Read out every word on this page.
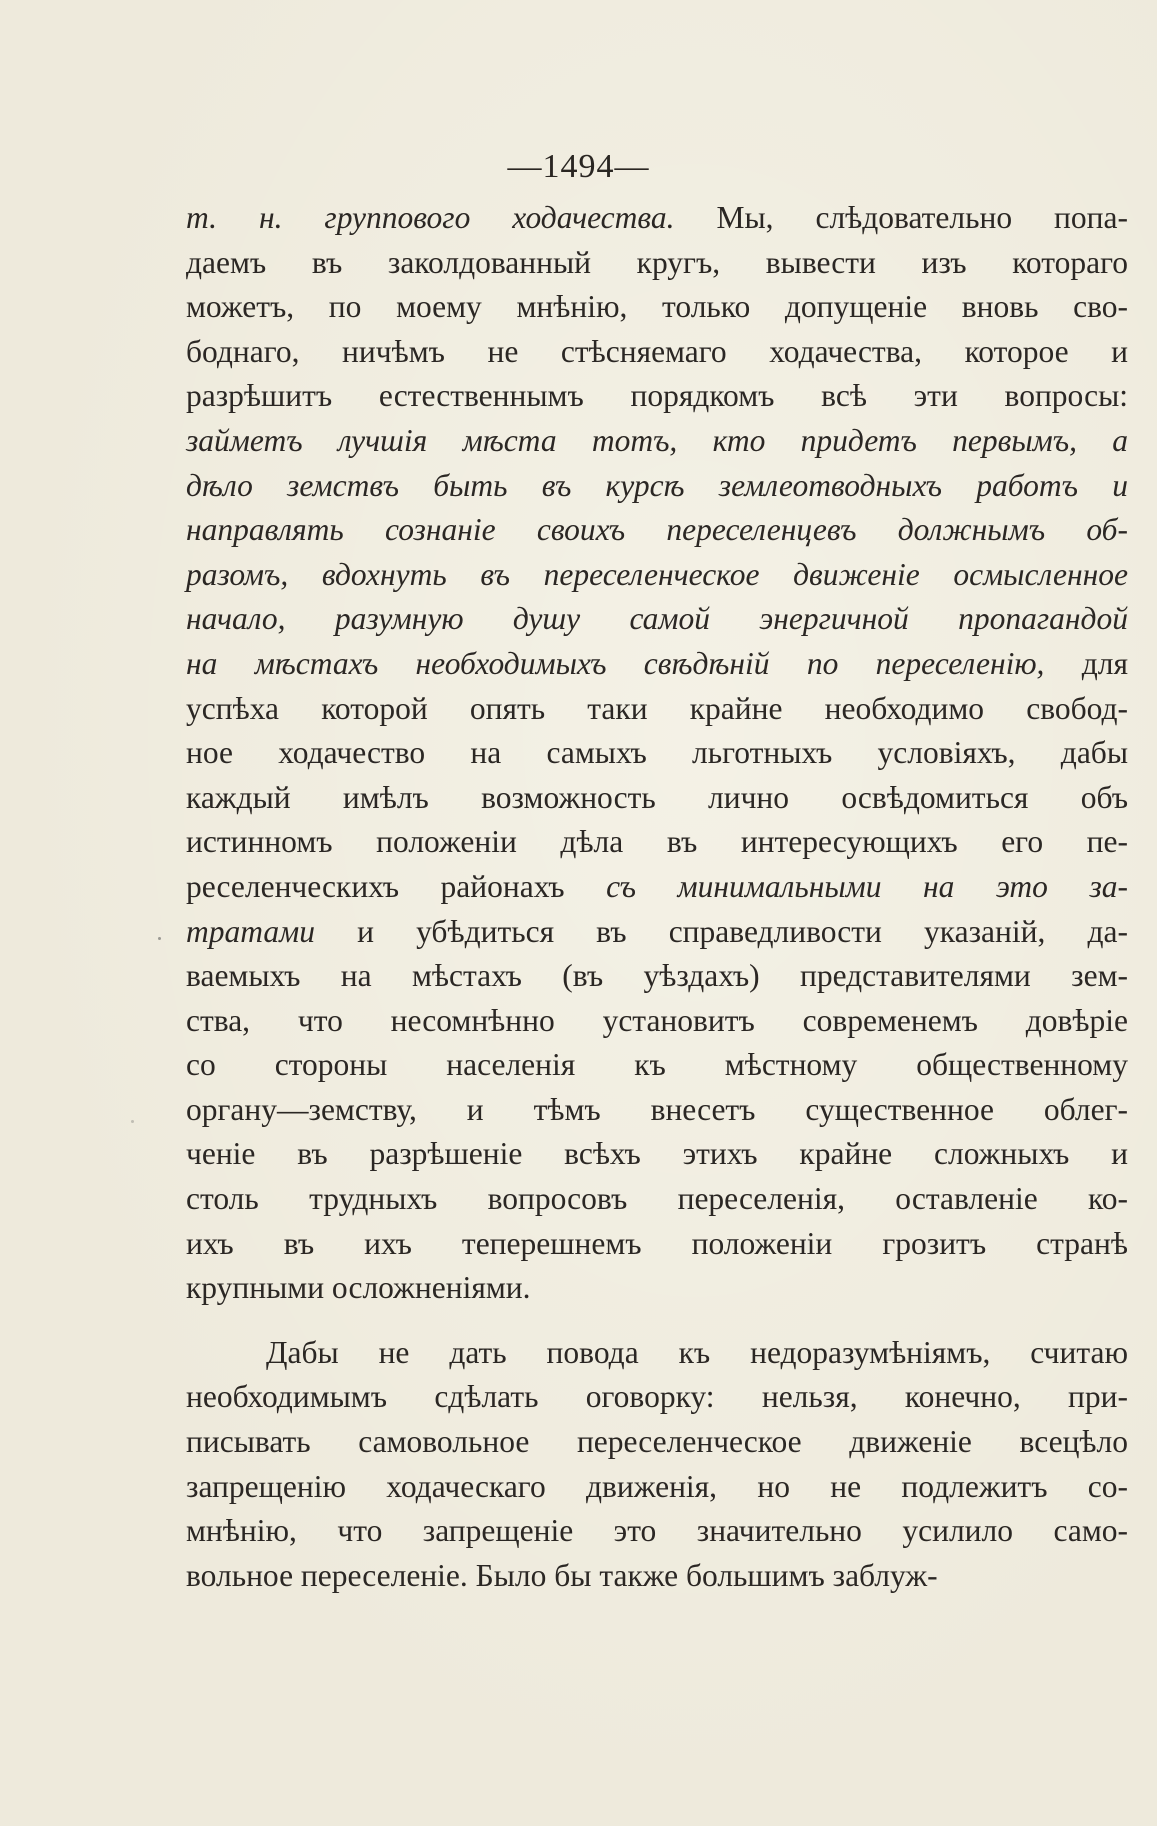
—1494—
т. н. группового ходачества. Мы, слѣдовательно попа-
даемъ въ заколдованный кругъ, вывести изъ котораго
можетъ, по моему мнѣнію, только допущеніе вновь сво-
боднаго, ничѣмъ не стѣсняемаго ходачества, которое и
разрѣшитъ естественнымъ порядкомъ всѣ эти вопросы:
займетъ лучшія мѣста тотъ, кто придетъ первымъ, а
дѣло земствъ быть въ курсѣ землеотводныхъ работъ и
направлять сознаніе своихъ переселенцевъ должнымъ об-
разомъ, вдохнуть въ переселенческое движеніе осмысленное
начало, разумную душу самой энергичной пропагандой
на мѣстахъ необходимыхъ свѣдѣній по переселенію, для
успѣха которой опять таки крайне необходимо свобод-
ное ходачество на самыхъ льготныхъ условіяхъ, дабы
каждый имѣлъ возможность лично освѣдомиться объ
истинномъ положеніи дѣла въ интересующихъ его пе-
реселенческихъ районахъ съ минимальными на это за-
тратами и убѣдиться въ справедливости указаній, да-
ваемыхъ на мѣстахъ (въ уѣздахъ) представителями зем-
ства, что несомнѣнно установитъ современемъ довѣріе
со стороны населенія къ мѣстному общественному
органу—земству, и тѣмъ внесетъ существенное облег-
ченіе въ разрѣшеніе всѣхъ этихъ крайне сложныхъ и
столь трудныхъ вопросовъ переселенія, оставленіе ко-
ихъ въ ихъ теперешнемъ положеніи грозитъ странѣ
крупными осложненіями.
Дабы не дать повода къ недоразумѣніямъ, считаю
необходимымъ сдѣлать оговорку: нельзя, конечно, при-
писывать самовольное переселенческое движеніе всецѣло
запрещенію ходаческаго движенія, но не подлежитъ со-
мнѣнію, что запрещеніе это значительно усилило само-
вольное переселеніе. Было бы также большимъ заблуж-
